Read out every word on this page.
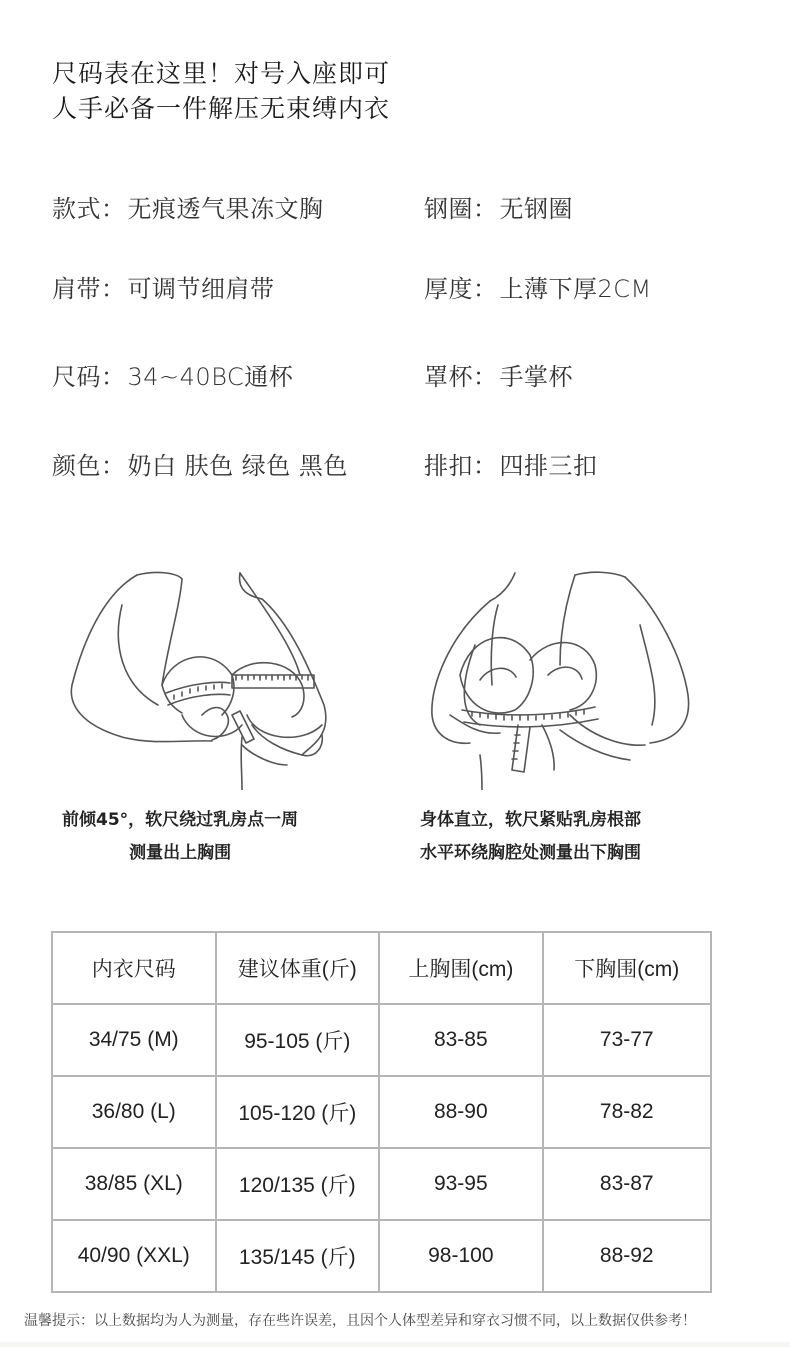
尺码表在这里！对号入座即可
人手必备一件解压无束缚内衣
款式：无痕透气果冻文胸	钢圈：无钢圈
肩带：可调节细肩带	厚度：上薄下厚2CM
尺码：34~40BC通杯	罩杯：手掌杯
颜色：奶白 肤色 绿色 黑色	排扣：四排三扣
前倾45°，软尺绕过乳房点一周
测量出上胸围
身体直立，软尺紧贴乳房根部
水平环绕胸腔处测量出下胸围
内衣尺码	建议体重(斤)	上胸围(cm)	下胸围(cm)
34/75 (M)	95-105 (斤)	83-85	73-77
36/80 (L)	105-120 (斤)	88-90	78-82
38/85 (XL)	120/135 (斤)	93-95	83-87
40/90 (XXL)	135/145 (斤)	98-100	88-92
温馨提示：以上数据均为人为测量，存在些许误差，且因个人体型差异和穿衣习惯不同，以上数据仅供参考！
